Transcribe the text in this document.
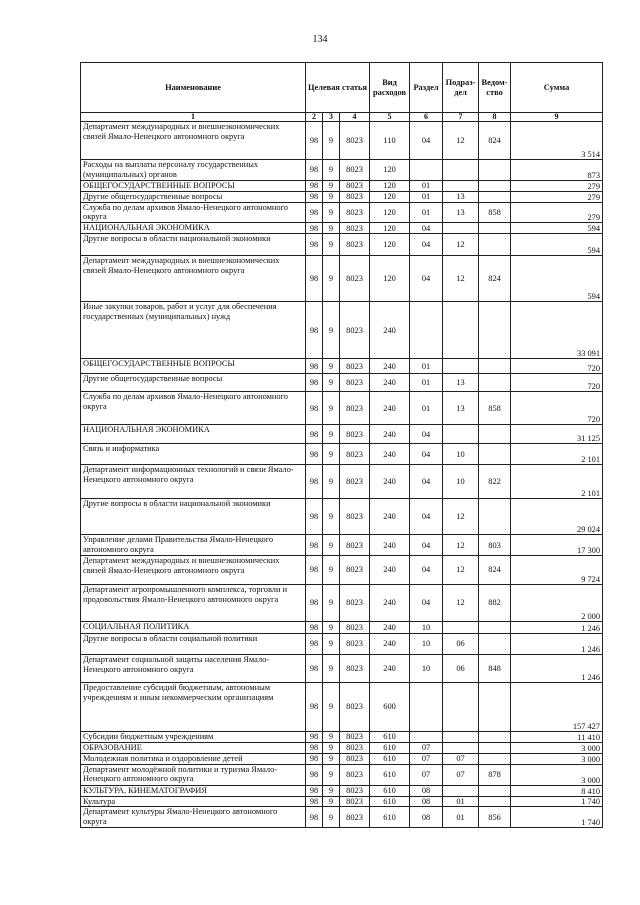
134
Наименование	Целевая статья			Вид расходов	Раздел	Подраз-дел	Ведом-ство	Сумма
1	2	3	4	5	6	7	8	9
Департамент международных и внешнеэкономических связей Ямало-Ненецкого автономного округа	98	9	8023	110	04	12	824	3 514
Расходы на выплаты персоналу государственных (муниципальных) органов	98	9	8023	120				873
ОБЩЕГОСУДАРСТВЕННЫЕ ВОПРОСЫ	98	9	8023	120	01			279
Другие общегосударственные вопросы	98	9	8023	120	01	13		279
Служба по делам архивов Ямало-Ненецкого автономного округа	98	9	8023	120	01	13	858	279
НАЦИОНАЛЬНАЯ ЭКОНОМИКА	98	9	8023	120	04			594
Другие вопросы в области национальной экономики	98	9	8023	120	04	12		594
Департамент международных и внешнеэкономических связей Ямало-Ненецкого автономного округа	98	9	8023	120	04	12	824	594
Иные закупки товаров, работ и услуг для обеспечения государственных (муниципальных) нужд	98	9	8023	240				33 091
ОБЩЕГОСУДАРСТВЕННЫЕ ВОПРОСЫ	98	9	8023	240	01			720
Другие общегосударственные вопросы	98	9	8023	240	01	13		720
Служба по делам архивов Ямало-Ненецкого автономного округа	98	9	8023	240	01	13	858	720
НАЦИОНАЛЬНАЯ ЭКОНОМИКА	98	9	8023	240	04			31 125
Связь и информатика	98	9	8023	240	04	10		2 101
Департамент информационных технологий и связи Ямало-Ненецкого автономного округа	98	9	8023	240	04	10	822	2 101
Другие вопросы в области национальной экономики	98	9	8023	240	04	12		29 024
Управление делами Правительства Ямало-Ненецкого автономного округа	98	9	8023	240	04	12	803	17 300
Департамент международных и внешнеэкономических связей Ямало-Ненецкого автономного округа	98	9	8023	240	04	12	824	9 724
Департамент агропромышленного комплекса, торговли и продовольствия Ямало-Ненецкого автономного округа	98	9	8023	240	04	12	882	2 000
СОЦИАЛЬНАЯ ПОЛИТИКА	98	9	8023	240	10			1 246
Другие вопросы в области социальной политики	98	9	8023	240	10	06		1 246
Департамент социальной защиты населения Ямало-Ненецкого автономного округа	98	9	8023	240	10	06	848	1 246
Предоставление субсидий бюджетным, автономным учреждениям и иным некоммерческим организациям	98	9	8023	600				157 427
Субсидии бюджетным учреждениям	98	9	8023	610				11 410
ОБРАЗОВАНИЕ	98	9	8023	610	07			3 000
Молодежная политика и оздоровление детей	98	9	8023	610	07	07		3 000
Департамент молодёжной политики и туризма Ямало-Ненецкого автономного округа	98	9	8023	610	07	07	878	3 000
КУЛЬТУРА, КИНЕМАТОГРАФИЯ	98	9	8023	610	08			8 410
Культура	98	9	8023	610	08	01		1 740
Департамент культуры Ямало-Ненецкого автономного округа	98	9	8023	610	08	01	856	1 740
